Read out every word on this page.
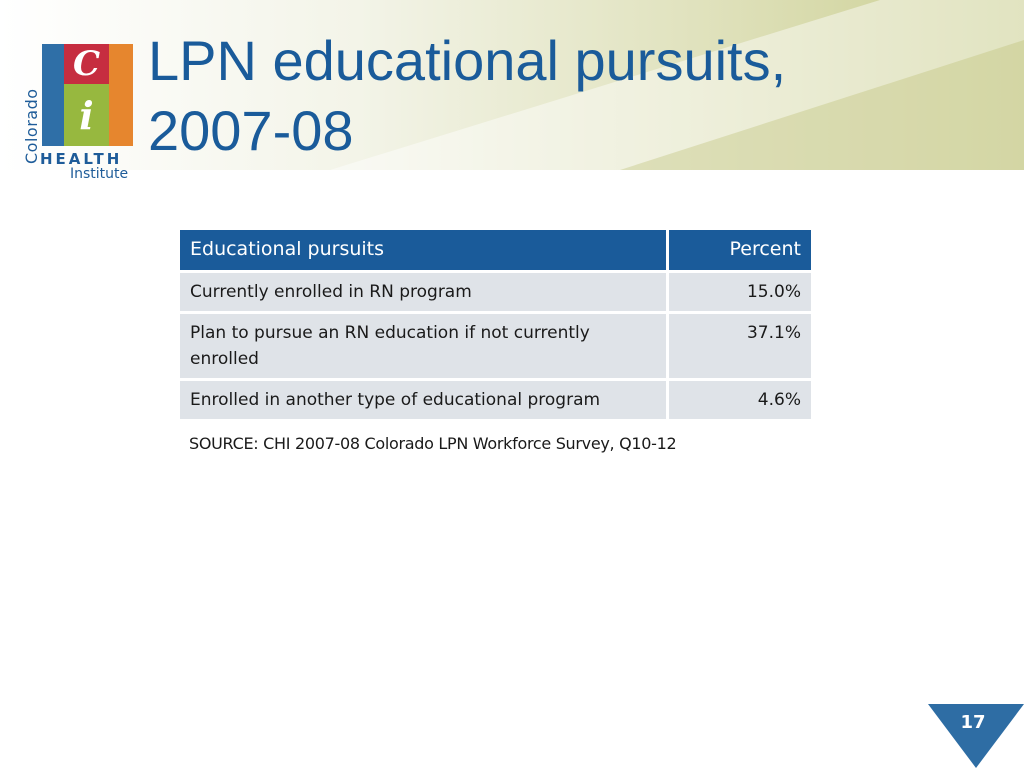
Colorado
C
i
HEALTH
Institute
LPN educational pursuits,
2007-08
Educational pursuits	Percent
Currently enrolled in RN program	15.0%
Plan to pursue an RN education if not currently enrolled	37.1%
Enrolled in another type of educational program	4.6%

SOURCE: CHI 2007-08 Colorado LPN Workforce Survey, Q10-12

17
